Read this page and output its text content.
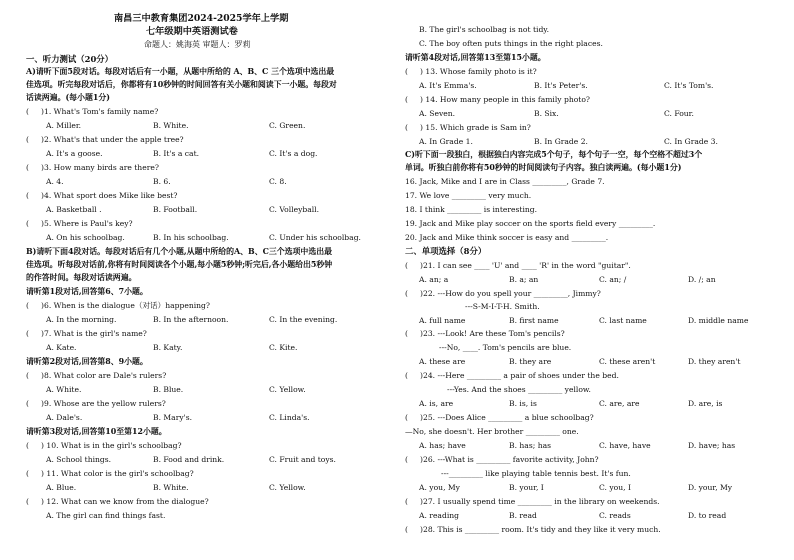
南昌三中教育集团2024-2025学年上学期
七年级期中英语测试卷
命题人：姚海英 审题人：罗莉
一、听力测试（20分）
A)请听下面5段对话。每段对话后有一小题，从题中所给的 A、B、C 三个选项中选出最
佳选项。听完每段对话后，你都将有10秒钟的时间回答有关小题和阅读下一小题。每段对
话读两遍。(每小题1分)
(     )1. What's Tom's family name?
A. Miller.	B. White.	C. Green.
(     )2. What's that under the apple tree?
A. It's a goose.	B. It's a cat.	C. It's a dog.
(     )3. How many birds are there?
A. 4.	B. 6.	C. 8.
(     )4. What sport does Mike like best?
A. Basketball .	B. Football.	C. Volleyball.
(     )5. Where is Paul's key?
A. On his schoolbag.	B. In his schoolbag.	C. Under his schoolbag.
B)请听下面4段对话。每段对话后有几个小题,从题中所给的A、B、C三个选项中选出最
佳选项。听每段对话前,你将有时间阅读各个小题,每小题5秒钟;听完后,各小题给出5秒钟
的作答时间。每段对话读两遍。
请听第1段对话,回答第6、7小题。
(     )6. When is the dialogue（对话）happening?
A. In the morning.	B. In the afternoon.	C. In the evening.
(     )7. What is the girl's name?
A. Kate.	B. Katy.	C. Kite.
请听第2段对话,回答第8、9小题。
(     )8. What color are Dale's rulers?
A. White.	B. Blue.	C. Yellow.
(     )9. Whose are the yellow rulers?
A. Dale's.	B. Mary's.	C. Linda's.
请听第3段对话,回答第10至第12小题。
(     ) 10. What is in the girl's schoolbag?
A. School things.	B. Food and drink.	C. Fruit and toys.
(     ) 11. What color is the girl's schoolbag?
A. Blue.	B. White.	C. Yellow.
(     ) 12. What can we know from the dialogue?
A. The girl can find things fast.
B. The girl's schoolbag is not tidy.
C. The boy often puts things in the right places.
请听第4段对话,回答第13至第15小题。
(     ) 13. Whose family photo is it?
A. It's Emma's.	B. It's Peter's.	C. It's Tom's.
(     ) 14. How many people in this family photo?
A. Seven.	B. Six.	C. Four.
(     ) 15. Which grade is Sam in?
A. In Grade 1.	B. In Grade 2.	C. In Grade 3.
C)听下面一段独白，根据独白内容完成5个句子，每个句子一空，每个空格不超过3个
单词。听独白前你将有50秒钟的时间阅读句子内容。独白读两遍。(每小题1分)
16. Jack, Mike and I are in Class _________, Grade 7.
17. We love _________ very much.
18. I think _________ is interesting.
19. Jack and Mike play soccer on the sports field every _________.
20. Jack and Mike think soccer is easy and _________.
二、单项选择（8分）
(     )21. I can see ____ 'U' and ____ 'R' in the word "guitar".
A. an; a	B. a; an	C. an; /	D. /; an
(     )22. ---How do you spell your _________, Jimmy?
---S-M-I-T-H. Smith.
A. full name	B. first name	C. last name	D. middle name
(     )23. ---Look! Are these Tom's pencils?
---No, ____. Tom's pencils are blue.
A. these are	B. they are	C. these aren't	D. they aren't
(     )24. ---Here _________ a pair of shoes under the bed.
---Yes. And the shoes _________ yellow.
A. is, are	B. is, is	C. are, are	D. are, is
(     )25. ---Does Alice _________ a blue schoolbag?
—No, she doesn't. Her brother _________ one.
A. has; have	B. has; has	C. have, have	D. have; has
(     )26. ---What is _________ favorite activity, John?
---_________ like playing table tennis best. It's fun.
A. you, My	B. your, I	C. you, I	D. your, My
(     )27. I usually spend time _________ in the library on weekends.
A. reading	B. read	C. reads	D. to read
(     )28. This is _________ room. It's tidy and they like it very much.
